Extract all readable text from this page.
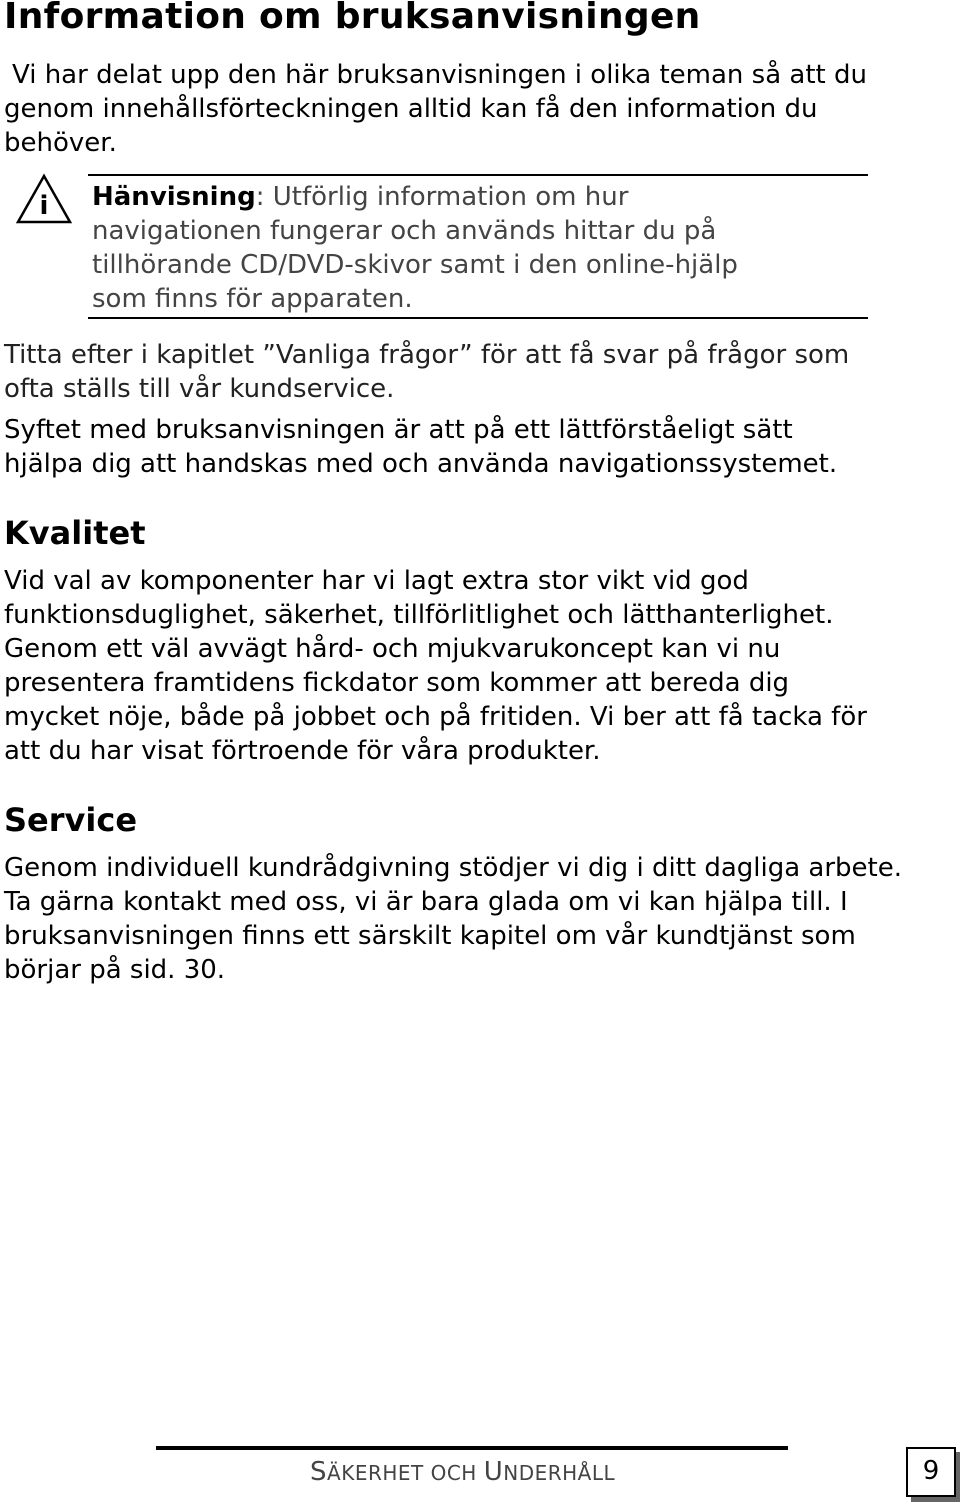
Information om bruksanvisningen

Vi har delat upp den här bruksanvisningen i olika teman så att du
genom innehållsförteckningen alltid kan få den information du
behöver.

i Hänvisning: Utförlig information om hur
navigationen fungerar och används hittar du på
tillhörande CD/DVD-skivor samt i den online-hjälp
som finns för apparaten.

Titta efter i kapitlet ”Vanliga frågor” för att få svar på frågor som
ofta ställs till vår kundservice.

Syftet med bruksanvisningen är att på ett lättförståeligt sätt
hjälpa dig att handskas med och använda navigationssystemet.

Kvalitet

Vid val av komponenter har vi lagt extra stor vikt vid god
funktionsduglighet, säkerhet, tillförlitlighet och lätthanterlighet.
Genom ett väl avvägt hård- och mjukvarukoncept kan vi nu
presentera framtidens fickdator som kommer att bereda dig
mycket nöje, både på jobbet och på fritiden. Vi ber att få tacka för
att du har visat förtroende för våra produkter.

Service

Genom individuell kundrådgivning stödjer vi dig i ditt dagliga arbete.
Ta gärna kontakt med oss, vi är bara glada om vi kan hjälpa till. I
bruksanvisningen finns ett särskilt kapitel om vår kundtjänst som
börjar på sid. 30.

SÄKERHET OCH UNDERHÅLL	9
